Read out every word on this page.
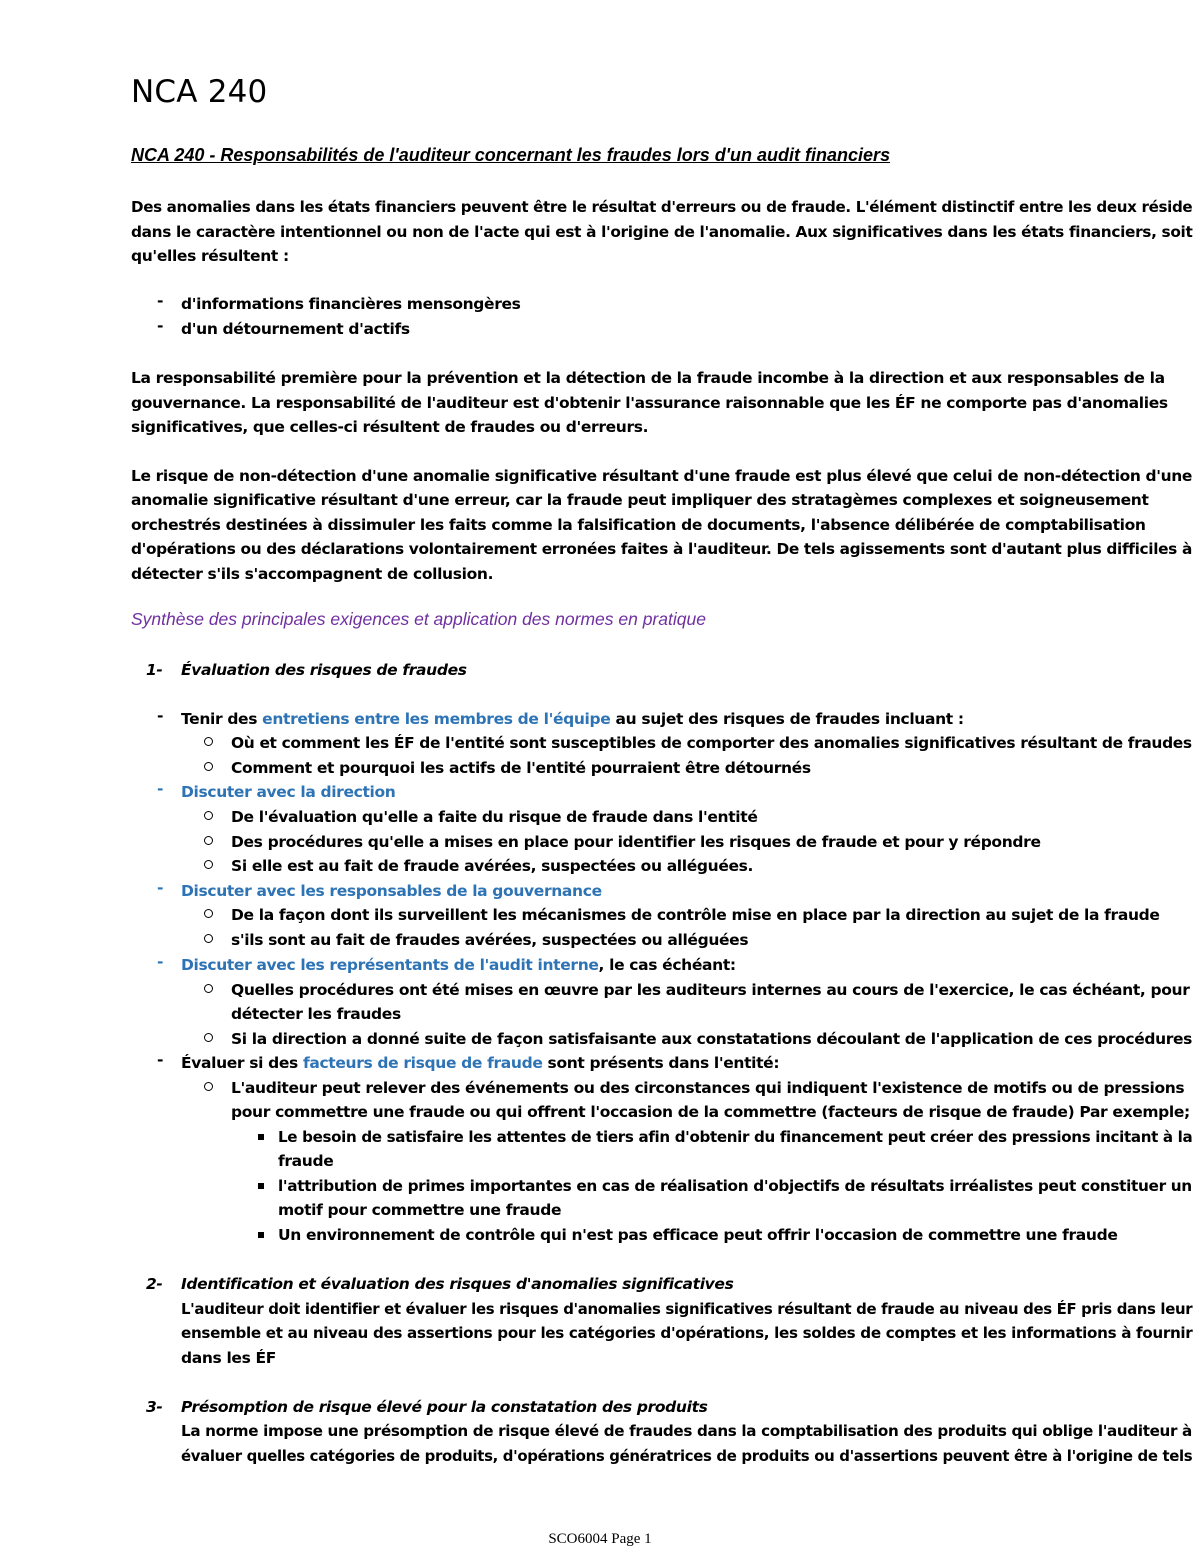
NCA 240
NCA 240 - Responsabilités de l'auditeur concernant les fraudes lors d'un audit financiers
Des anomalies dans les états financiers peuvent être le résultat d'erreurs ou de fraude. L'élément distinctif entre les deux réside
dans le caractère intentionnel ou non de l'acte qui est à l'origine de l'anomalie. Aux significatives dans les états financiers, soit
qu'elles résultent :
- d'informations financières mensongères
- d'un détournement d'actifs
La responsabilité première pour la prévention et la détection de la fraude incombe à la direction et aux responsables de la
gouvernance. La responsabilité de l'auditeur est d'obtenir l'assurance raisonnable que les ÉF ne comporte pas d'anomalies
significatives, que celles-ci résultent de fraudes ou d'erreurs.
Le risque de non-détection d'une anomalie significative résultant d'une fraude est plus élevé que celui de non-détection d'une
anomalie significative résultant d'une erreur, car la fraude peut impliquer des stratagèmes complexes et soigneusement
orchestrés destinées à dissimuler les faits comme la falsification de documents, l'absence délibérée de comptabilisation
d'opérations ou des déclarations volontairement erronées faites à l'auditeur. De tels agissements sont d'autant plus difficiles à
détecter s'ils s'accompagnent de collusion.
Synthèse des principales exigences et application des normes en pratique
1- Évaluation des risques de fraudes
- Tenir des entretiens entre les membres de l'équipe au sujet des risques de fraudes incluant :
Où et comment les ÉF de l'entité sont susceptibles de comporter des anomalies significatives résultant de fraudes
Comment et pourquoi les actifs de l'entité pourraient être détournés
- Discuter avec la direction
De l'évaluation qu'elle a faite du risque de fraude dans l'entité
Des procédures qu'elle a mises en place pour identifier les risques de fraude et pour y répondre
Si elle est au fait de fraude avérées, suspectées ou alléguées.
- Discuter avec les responsables de la gouvernance
De la façon dont ils surveillent les mécanismes de contrôle mise en place par la direction au sujet de la fraude
s'ils sont au fait de fraudes avérées, suspectées ou alléguées
- Discuter avec les représentants de l'audit interne, le cas échéant:
Quelles procédures ont été mises en œuvre par les auditeurs internes au cours de l'exercice, le cas échéant, pour
détecter les fraudes
Si la direction a donné suite de façon satisfaisante aux constatations découlant de l'application de ces procédures
- Évaluer si des facteurs de risque de fraude sont présents dans l'entité:
L'auditeur peut relever des événements ou des circonstances qui indiquent l'existence de motifs ou de pressions
pour commettre une fraude ou qui offrent l'occasion de la commettre (facteurs de risque de fraude) Par exemple;
Le besoin de satisfaire les attentes de tiers afin d'obtenir du financement peut créer des pressions incitant à la
fraude
l'attribution de primes importantes en cas de réalisation d'objectifs de résultats irréalistes peut constituer un
motif pour commettre une fraude
Un environnement de contrôle qui n'est pas efficace peut offrir l'occasion de commettre une fraude
2- Identification et évaluation des risques d'anomalies significatives
L'auditeur doit identifier et évaluer les risques d'anomalies significatives résultant de fraude au niveau des ÉF pris dans leur
ensemble et au niveau des assertions pour les catégories d'opérations, les soldes de comptes et les informations à fournir
dans les ÉF
3- Présomption de risque élevé pour la constatation des produits
La norme impose une présomption de risque élevé de fraudes dans la comptabilisation des produits qui oblige l'auditeur à
évaluer quelles catégories de produits, d'opérations génératrices de produits ou d'assertions peuvent être à l'origine de tels
SCO6004 Page 1
